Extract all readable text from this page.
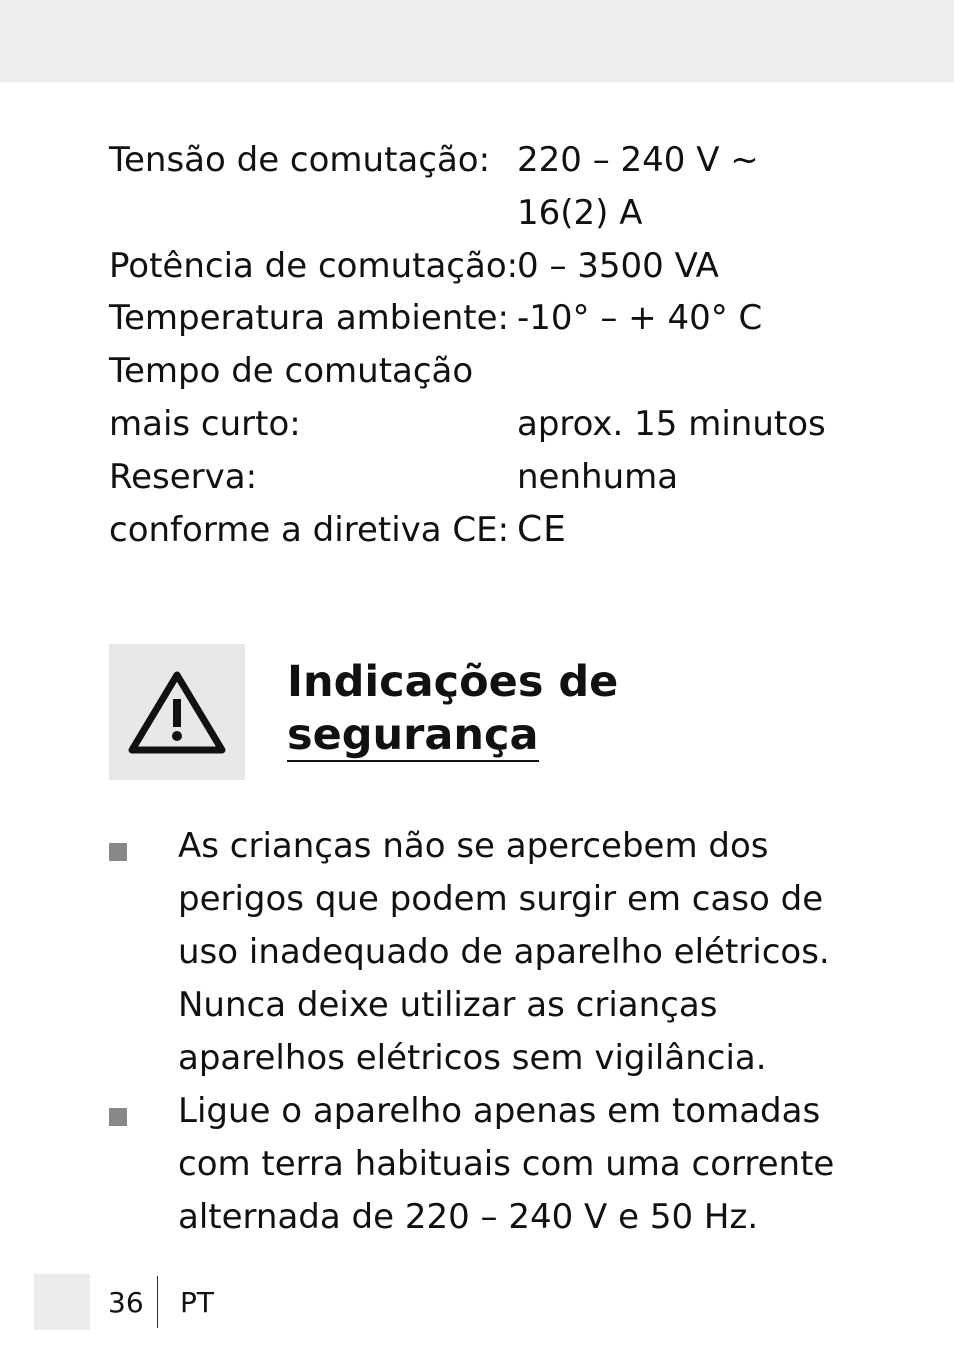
Tensão de comutação: 220 – 240 V ~
16(2) A
Potência de comutação:
0 – 3500 VA
Temperatura ambiente: -10° – + 40° C
Tempo de comutação
mais curto:	aprox. 15 minutos
Reserva:	nenhuma
conforme a diretiva CE: CE
Indicações de
segurança
As crianças não se apercebem dos perigos que podem surgir em caso de uso inadequado de aparelho elétricos. Nunca deixe utilizar as crianças aparelhos elétricos sem vigilância.
Ligue o aparelho apenas em tomadas com terra habituais com uma corrente alternada de 220 – 240 V e 50 Hz.
36 PT
